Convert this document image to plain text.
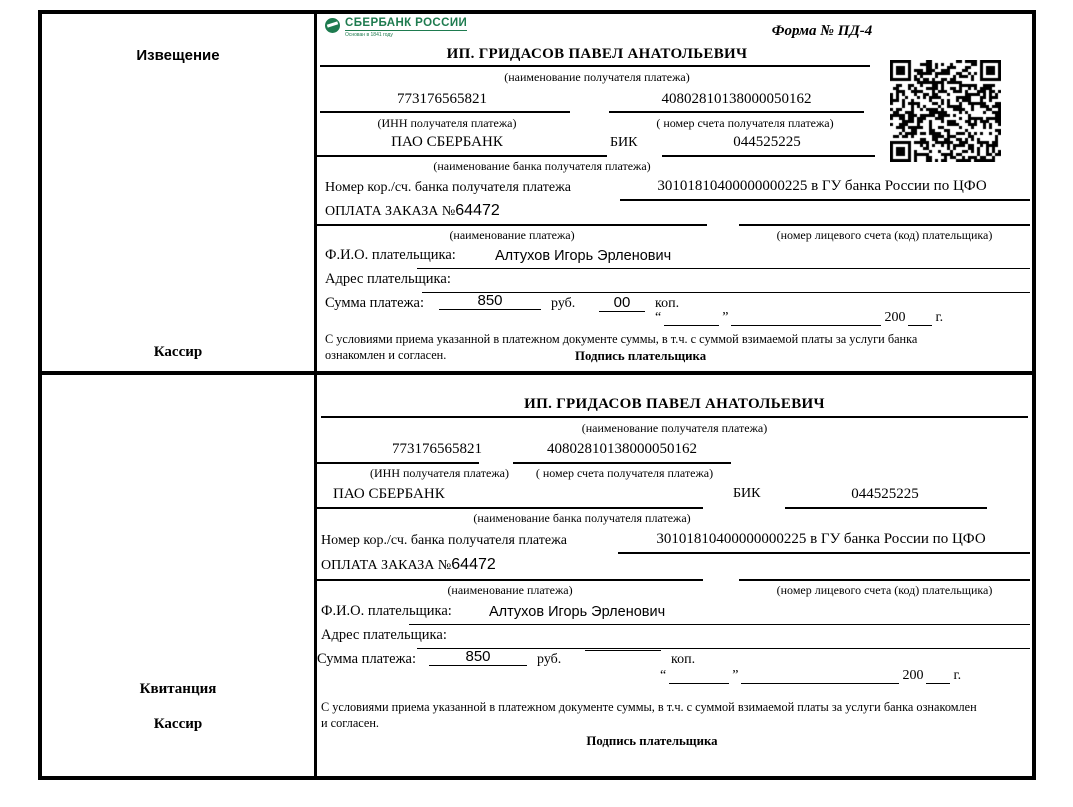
Извещение
Кассир
СБЕРБАНК РОССИИ
Основан в 1841 году	Форма № ПД-4
ИП. ГРИДАСОВ ПАВЕЛ АНАТОЛЬЕВИЧ
(наименование получателя платежа)
773176565821	40802810138000050162
(ИНН получателя платежа)	( номер счета получателя платежа)
ПАО СБЕРБАНК	БИК	044525225
(наименование банка получателя платежа)
Номер кор./сч. банка получателя платежа	30101810400000000225 в ГУ банка России по ЦФО
ОПЛАТА ЗАКАЗА №64472
(наименование платежа)	(номер лицевого счета (код) плательщика)
Ф.И.О. плательщика:	Алтухов Игорь Эрленович
Адрес плательщика:
Сумма платежа:	850	руб.	00	коп.
“	”	200 г.
С условиями приема указанной в платежном документе суммы, в т.ч. с суммой взимаемой платы за услуги банка ознакомлен и согласен.	Подпись плательщика
Квитанция
Кассир
ИП. ГРИДАСОВ ПАВЕЛ АНАТОЛЬЕВИЧ
(наименование получателя платежа)
773176565821	40802810138000050162
(ИНН получателя платежа)	( номер счета получателя платежа)
ПАО СБЕРБАНК	БИК	044525225
(наименование банка получателя платежа)
Номер кор./сч. банка получателя платежа	30101810400000000225 в ГУ банка России по ЦФО
ОПЛАТА ЗАКАЗА №64472
(наименование платежа)	(номер лицевого счета (код) плательщика)
Ф.И.О. плательщика:	Алтухов Игорь Эрленович
Адрес плательщика:
Сумма платежа:	850	руб.	коп.
“	”	200 г.
С условиями приема указанной в платежном документе суммы, в т.ч. с суммой взимаемой платы за услуги банка ознакомлен и согласен.
Подпись плательщика
